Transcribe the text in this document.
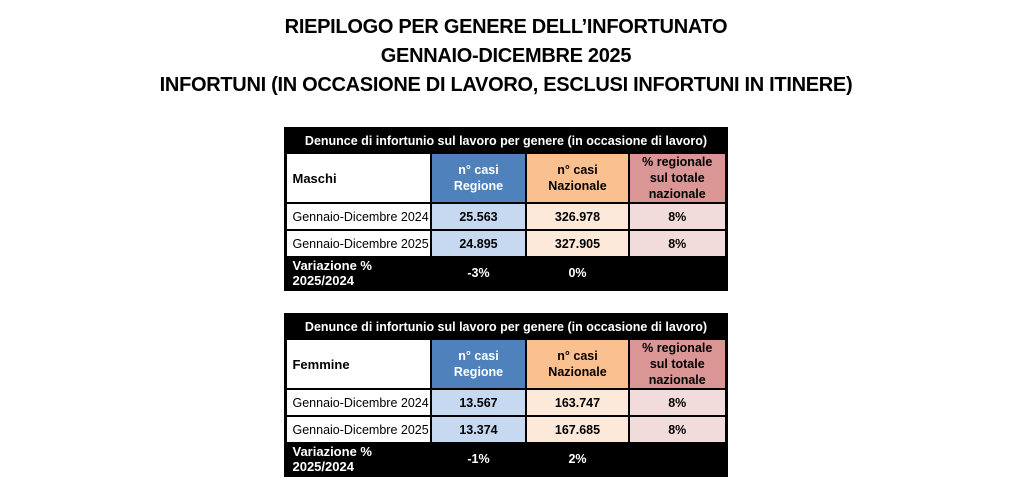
RIEPILOGO PER GENERE DELL’INFORTUNATO
GENNAIO-DICEMBRE 2025
INFORTUNI (IN OCCASIONE DI LAVORO, ESCLUSI INFORTUNI IN ITINERE)
Denunce di infortunio sul lavoro per genere (in occasione di lavoro)			
Maschi	n° casi Regione	n° casi Nazionale	% regionale sul totale nazionale
Gennaio-Dicembre 2024	25.563	326.978	8%
Gennaio-Dicembre 2025	24.895	327.905	8%
Variazione % 2025/2024	-3%	0%	
Denunce di infortunio sul lavoro per genere (in occasione di lavoro)			
Femmine	n° casi Regione	n° casi Nazionale	% regionale sul totale nazionale
Gennaio-Dicembre 2024	13.567	163.747	8%
Gennaio-Dicembre 2025	13.374	167.685	8%
Variazione % 2025/2024	-1%	2%	
